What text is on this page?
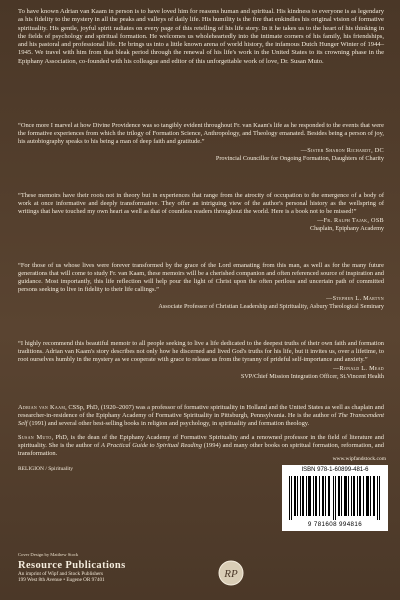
To have known Adrian van Kaam in person is to have loved him for reasons human and spiritual. His kindness to everyone is as legendary as his fidelity to the mystery in all the peaks and valleys of daily life. His humility is the fire that enkindles his original vision of formative spirituality. His gentle, joyful spirit radiates on every page of this retelling of his life story. In it he takes us to the heart of his thinking in the fields of psychology and spiritual formation. He welcomes us wholeheartedly into the intimate corners of his family, his friendships, and his pastoral and professional life. He brings us into a little known arena of world history, the infamous Dutch Hunger Winter of 1944–1945. We travel with him from that bleak period through the renewal of his life's work in the United States to its crowning phase in the Epiphany Association, co-founded with his colleague and editor of this unforgettable work of love, Dr. Susan Muto.

“Once more I marvel at how Divine Providence was so tangibly evident throughout Fr. van Kaam's life as he responded to the events that were the formative experiences from which the trilogy of Formation Science, Anthropology, and Theology emanated. Besides being a person of joy, his autobiography speaks to his being a man of deep faith and gratitude.”
—Sister Sharon Richardt, DC
Provincial Councillor for Ongoing Formation, Daughters of Charity
“These memoirs have their roots not in theory but in experiences that range from the atrocity of occupation to the emergence of a body of work at once informative and deeply transformative. They offer an intriguing view of the author's personal history as the wellspring of writings that have touched my own heart as well as that of countless readers throughout the world. Here is a book not to be missed!”
—Fr. Ralph Tajak, OSB
Chaplain, Epiphany Academy
“For those of us whose lives were forever transformed by the grace of the Lord emanating from this man, as well as for the many future generations that will come to study Fr. van Kaam, these memoirs will be a cherished companion and often referenced source of inspiration and guidance. Most importantly, this life reflection will help pour the light of Christ upon the often perilous and uncertain path of committed persons seeking to live in fidelity to their life callings.”
—Stephen L. Martyn
Associate Professor of Christian Leadership and Spirituality, Asbury Theological Seminary
“I highly recommend this beautiful memoir to all people seeking to live a life dedicated to the deepest truths of their own faith and formation traditions. Adrian van Kaam's story describes not only how he discerned and lived God's truths for his life, but it invites us, over a lifetime, to root ourselves humbly in the mystery as we cooperate with grace to release us from the tyranny of prideful self-importance and anxiety.”
—Ronald L. Mead
SVP/Chief Mission Integration Officer, St.Vincent Health

Adrian van Kaam, CSSp, PhD, (1920–2007) was a professor of formative spirituality in Holland and the United States as well as chaplain and researcher-in-residence of the Epiphany Academy of Formative Spirituality in Pittsburgh, Pennsylvania. He is the author of The Transcendent Self (1991) and several other best-selling books in religion and psychology, in spirituality and formation theology.

Susan Muto, PhD, is the dean of the Epiphany Academy of Formative Spirituality and a renowned professor in the field of literature and spirituality. She is the author of A Practical Guide to Spiritual Reading (1994) and many other books on spiritual formation, reformation, and transformation.

www.wipfandstock.com
RELIGION / Spirituality	ISBN 978-1-60899-481-6
9 781608 994816
Cover Design by Matthew Stock
Resource Publications
An imprint of Wipf and Stock Publishers
199 West 8th Avenue • Eugene OR 97401
RP
